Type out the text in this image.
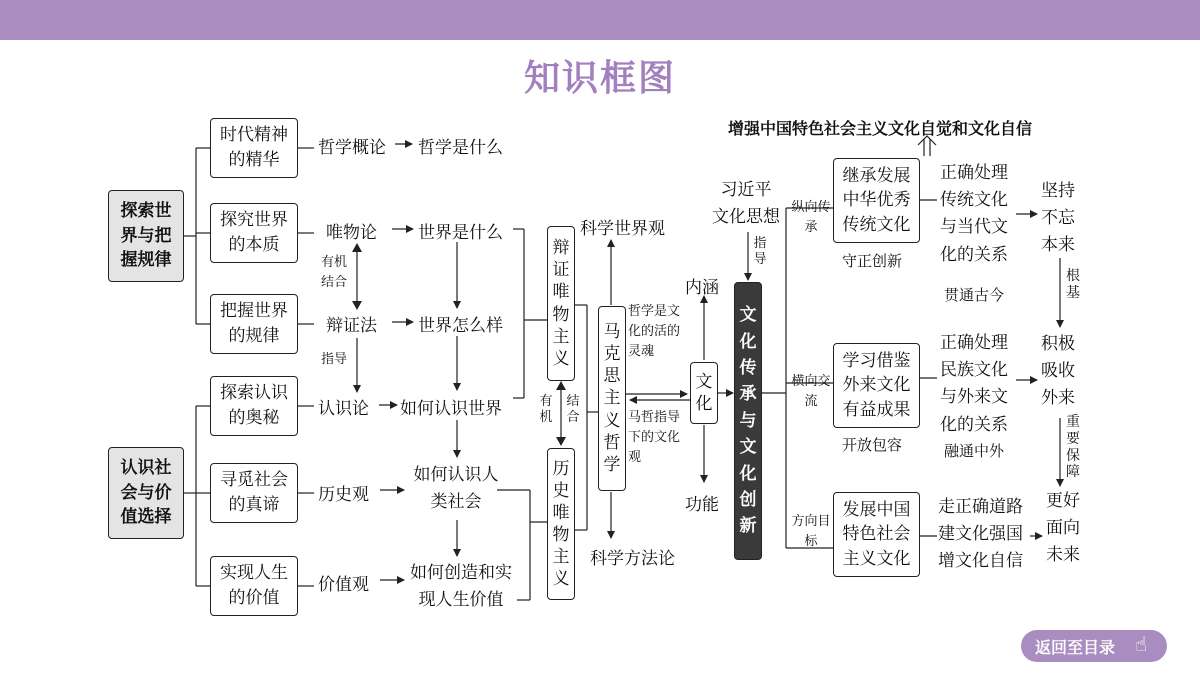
知识框图
增强中国特色社会主义文化自觉和文化自信
探索世界与把握规律
认识社会与价值选择
时代精神的精华
探究世界的本质
把握世界的规律
探索认识的奥秘
寻觅社会的真谛
实现人生的价值
哲学概论 哲学是什么
唯物论 世界是什么
有机
结合
辩证法 世界怎么样
指导
认识论 如何认识世界
历史观
如何认识人类社会
价值观
如何创造和实现人生价值
辩证唯物主义
历史唯物主义
有机
结合
科学世界观
科学方法论
马克思主义哲学
哲学是文化的活的灵魂
马哲指导下的文化观
内涵
文化
功能
习近平
文化思想
指导
文化传承与文化创新
纵向传承
继承发展中华优秀传统文化
守正创新
正确处理传统文化与当代文化的关系
贯通古今
坚持不忘本来
根基
横向交流
学习借鉴外来文化有益成果
开放包容
正确处理民族文化与外来文化的关系
融通中外
积极吸收外来
重要保障
方向目标
发展中国特色社会主义文化
走正确道路建文化强国增文化自信
更好面向未来
返回至目录 ☝
